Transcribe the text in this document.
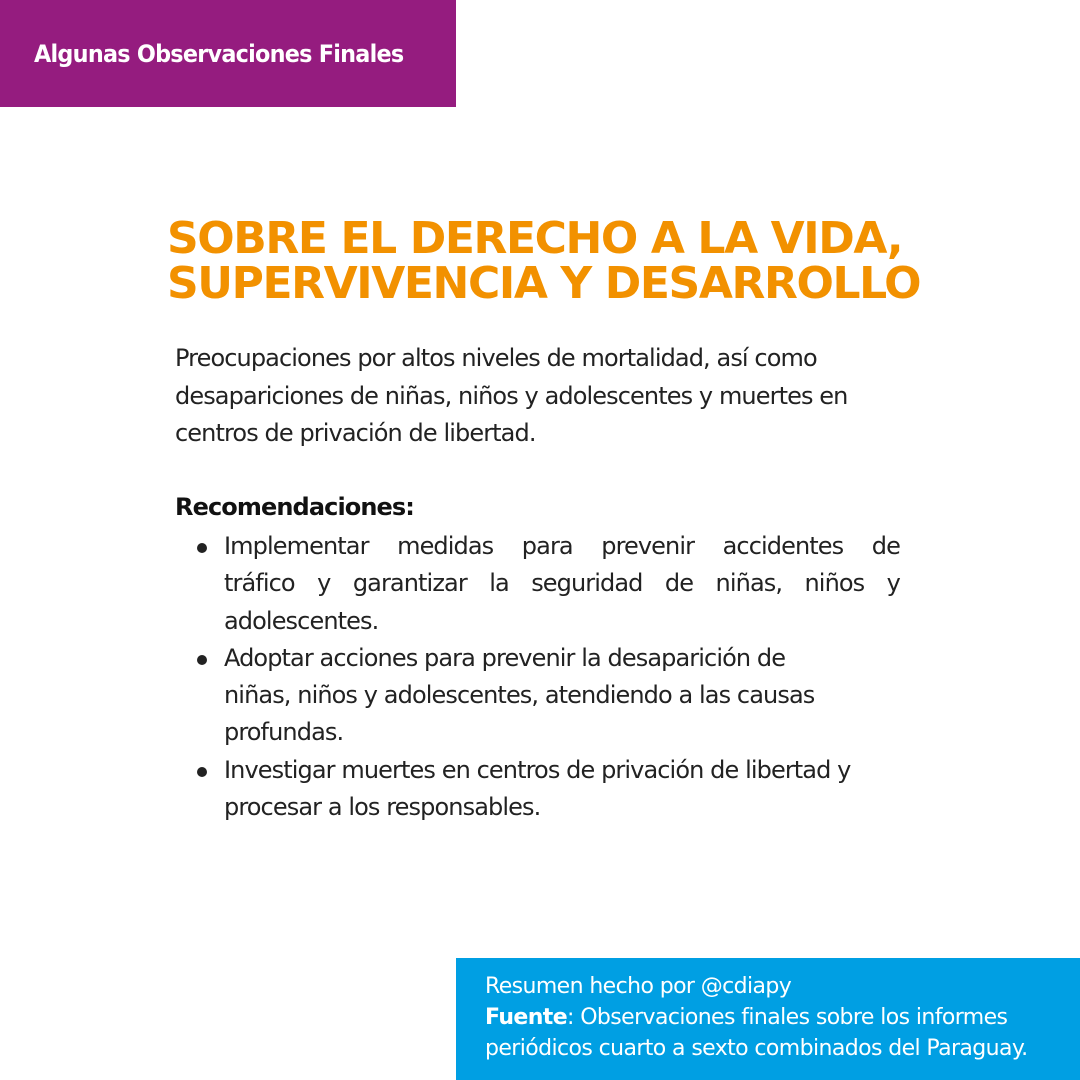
Algunas Observaciones Finales
SOBRE EL DERECHO A LA VIDA,
SUPERVIVENCIA Y DESARROLLO

Preocupaciones por altos niveles de mortalidad, así como
desapariciones de niñas, niños y adolescentes y muertes en
centros de privación de libertad.

Recomendaciones:
Implementar medidas para prevenir accidentes de
tráfico y garantizar la seguridad de niñas, niños y
adolescentes.
Adoptar acciones para prevenir la desaparición de
niñas, niños y adolescentes, atendiendo a las causas
profundas.
Investigar muertes en centros de privación de libertad y
procesar a los responsables.
Resumen hecho por @cdiapy
Fuente: Observaciones finales sobre los informes
periódicos cuarto a sexto combinados del Paraguay.
